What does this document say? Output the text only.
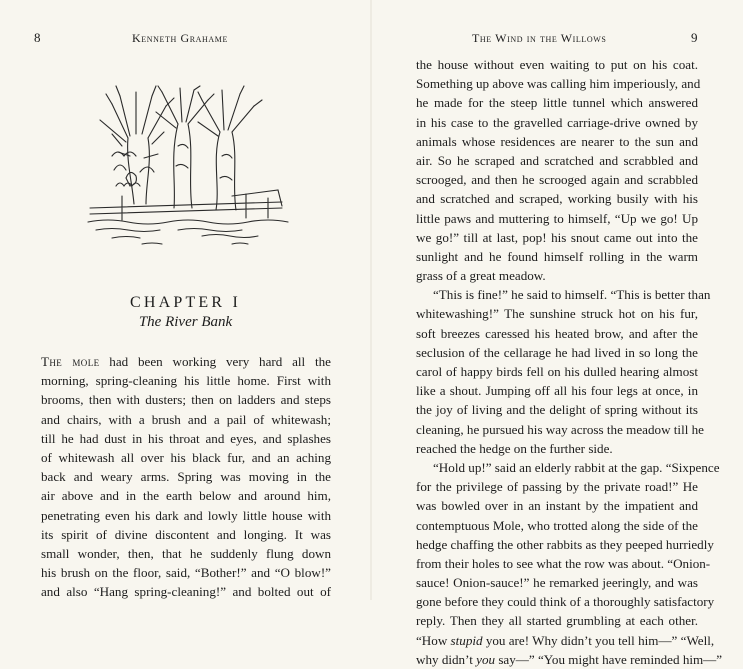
8	Kenneth Grahame
CHAPTER I
The River Bank
The mole had been working very hard all the
morning, spring-cleaning his little home. First with
brooms, then with dusters; then on ladders and steps
and chairs, with a brush and a pail of whitewash;
till he had dust in his throat and eyes, and splashes
of whitewash all over his black fur, and an aching
back and weary arms. Spring was moving in the
air above and in the earth below and around him,
penetrating even his dark and lowly little house with
its spirit of divine discontent and longing. It was
small wonder, then, that he suddenly flung down
his brush on the floor, said, “Bother!” and “O blow!”
and also “Hang spring-cleaning!” and bolted out of
The Wind in the Willows	9
the house without even waiting to put on his coat.
Something up above was calling him imperiously, and
he made for the steep little tunnel which answered
in his case to the gravelled carriage-drive owned by
animals whose residences are nearer to the sun and
air. So he scraped and scratched and scrabbled and
scrooged, and then he scrooged again and scrabbled
and scratched and scraped, working busily with his
little paws and muttering to himself, “Up we go! Up
we go!” till at last, pop! his snout came out into the
sunlight and he found himself rolling in the warm
grass of a great meadow.
“This is fine!” he said to himself. “This is better than
whitewashing!” The sunshine struck hot on his fur,
soft breezes caressed his heated brow, and after the
seclusion of the cellarage he had lived in so long the
carol of happy birds fell on his dulled hearing almost
like a shout. Jumping off all his four legs at once, in
the joy of living and the delight of spring without its
cleaning, he pursued his way across the meadow till he
reached the hedge on the further side.
“Hold up!” said an elderly rabbit at the gap. “Sixpence
for the privilege of passing by the private road!” He
was bowled over in an instant by the impatient and
contemptuous Mole, who trotted along the side of the
hedge chaffing the other rabbits as they peeped hurriedly
from their holes to see what the row was about. “Onion-
sauce! Onion-sauce!” he remarked jeeringly, and was
gone before they could think of a thoroughly satisfactory
reply. Then they all started grumbling at each other.
“How stupid you are! Why didn’t you tell him—” “Well,
why didn’t you say—” “You might have reminded him—”
